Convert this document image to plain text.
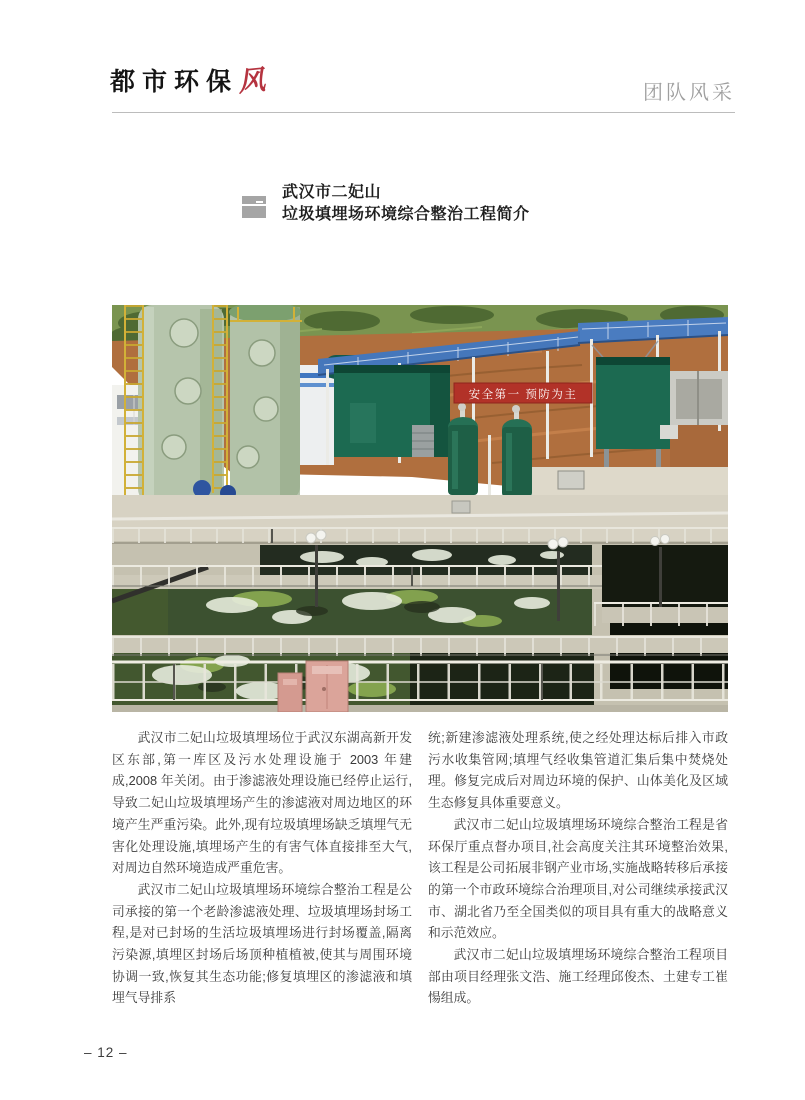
都市环保
风	团队风采
武汉市二妃山
垃圾填埋场环境综合整治工程简介
安全第一 预防为主

武汉市二妃山垃圾填埋场位于武汉东湖高新开发区东部,第一库区及污水处理设施于 2003 年建成,2008 年关闭。由于渗滤液处理设施已经停止运行,导致二妃山垃圾填埋场产生的渗滤液对周边地区的环境产生严重污染。此外,现有垃圾填埋场缺乏填埋气无害化处理设施,填埋场产生的有害气体直接排至大气,对周边自然环境造成严重危害。

武汉市二妃山垃圾填埋场环境综合整治工程是公司承接的第一个老龄渗滤液处理、垃圾填埋场封场工程,是对已封场的生活垃圾填埋场进行封场覆盖,隔离污染源,填埋区封场后场顶种植植被,使其与周围环境协调一致,恢复其生态功能;修复填埋区的渗滤液和填埋气导排系

统;新建渗滤液处理系统,使之经处理达标后排入市政污水收集管网;填埋气经收集管道汇集后集中焚烧处理。修复完成后对周边环境的保护、山体美化及区域生态修复具体重要意义。

武汉市二妃山垃圾填埋场环境综合整治工程是省环保厅重点督办项目,社会高度关注其环境整治效果,该工程是公司拓展非钢产业市场,实施战略转移后承接的第一个市政环境综合治理项目,对公司继续承接武汉市、湖北省乃至全国类似的项目具有重大的战略意义和示范效应。

武汉市二妃山垃圾填埋场环境综合整治工程项目部由项目经理张文浩、施工经理邱俊杰、土建专工崔愓组成。

– 12 –
